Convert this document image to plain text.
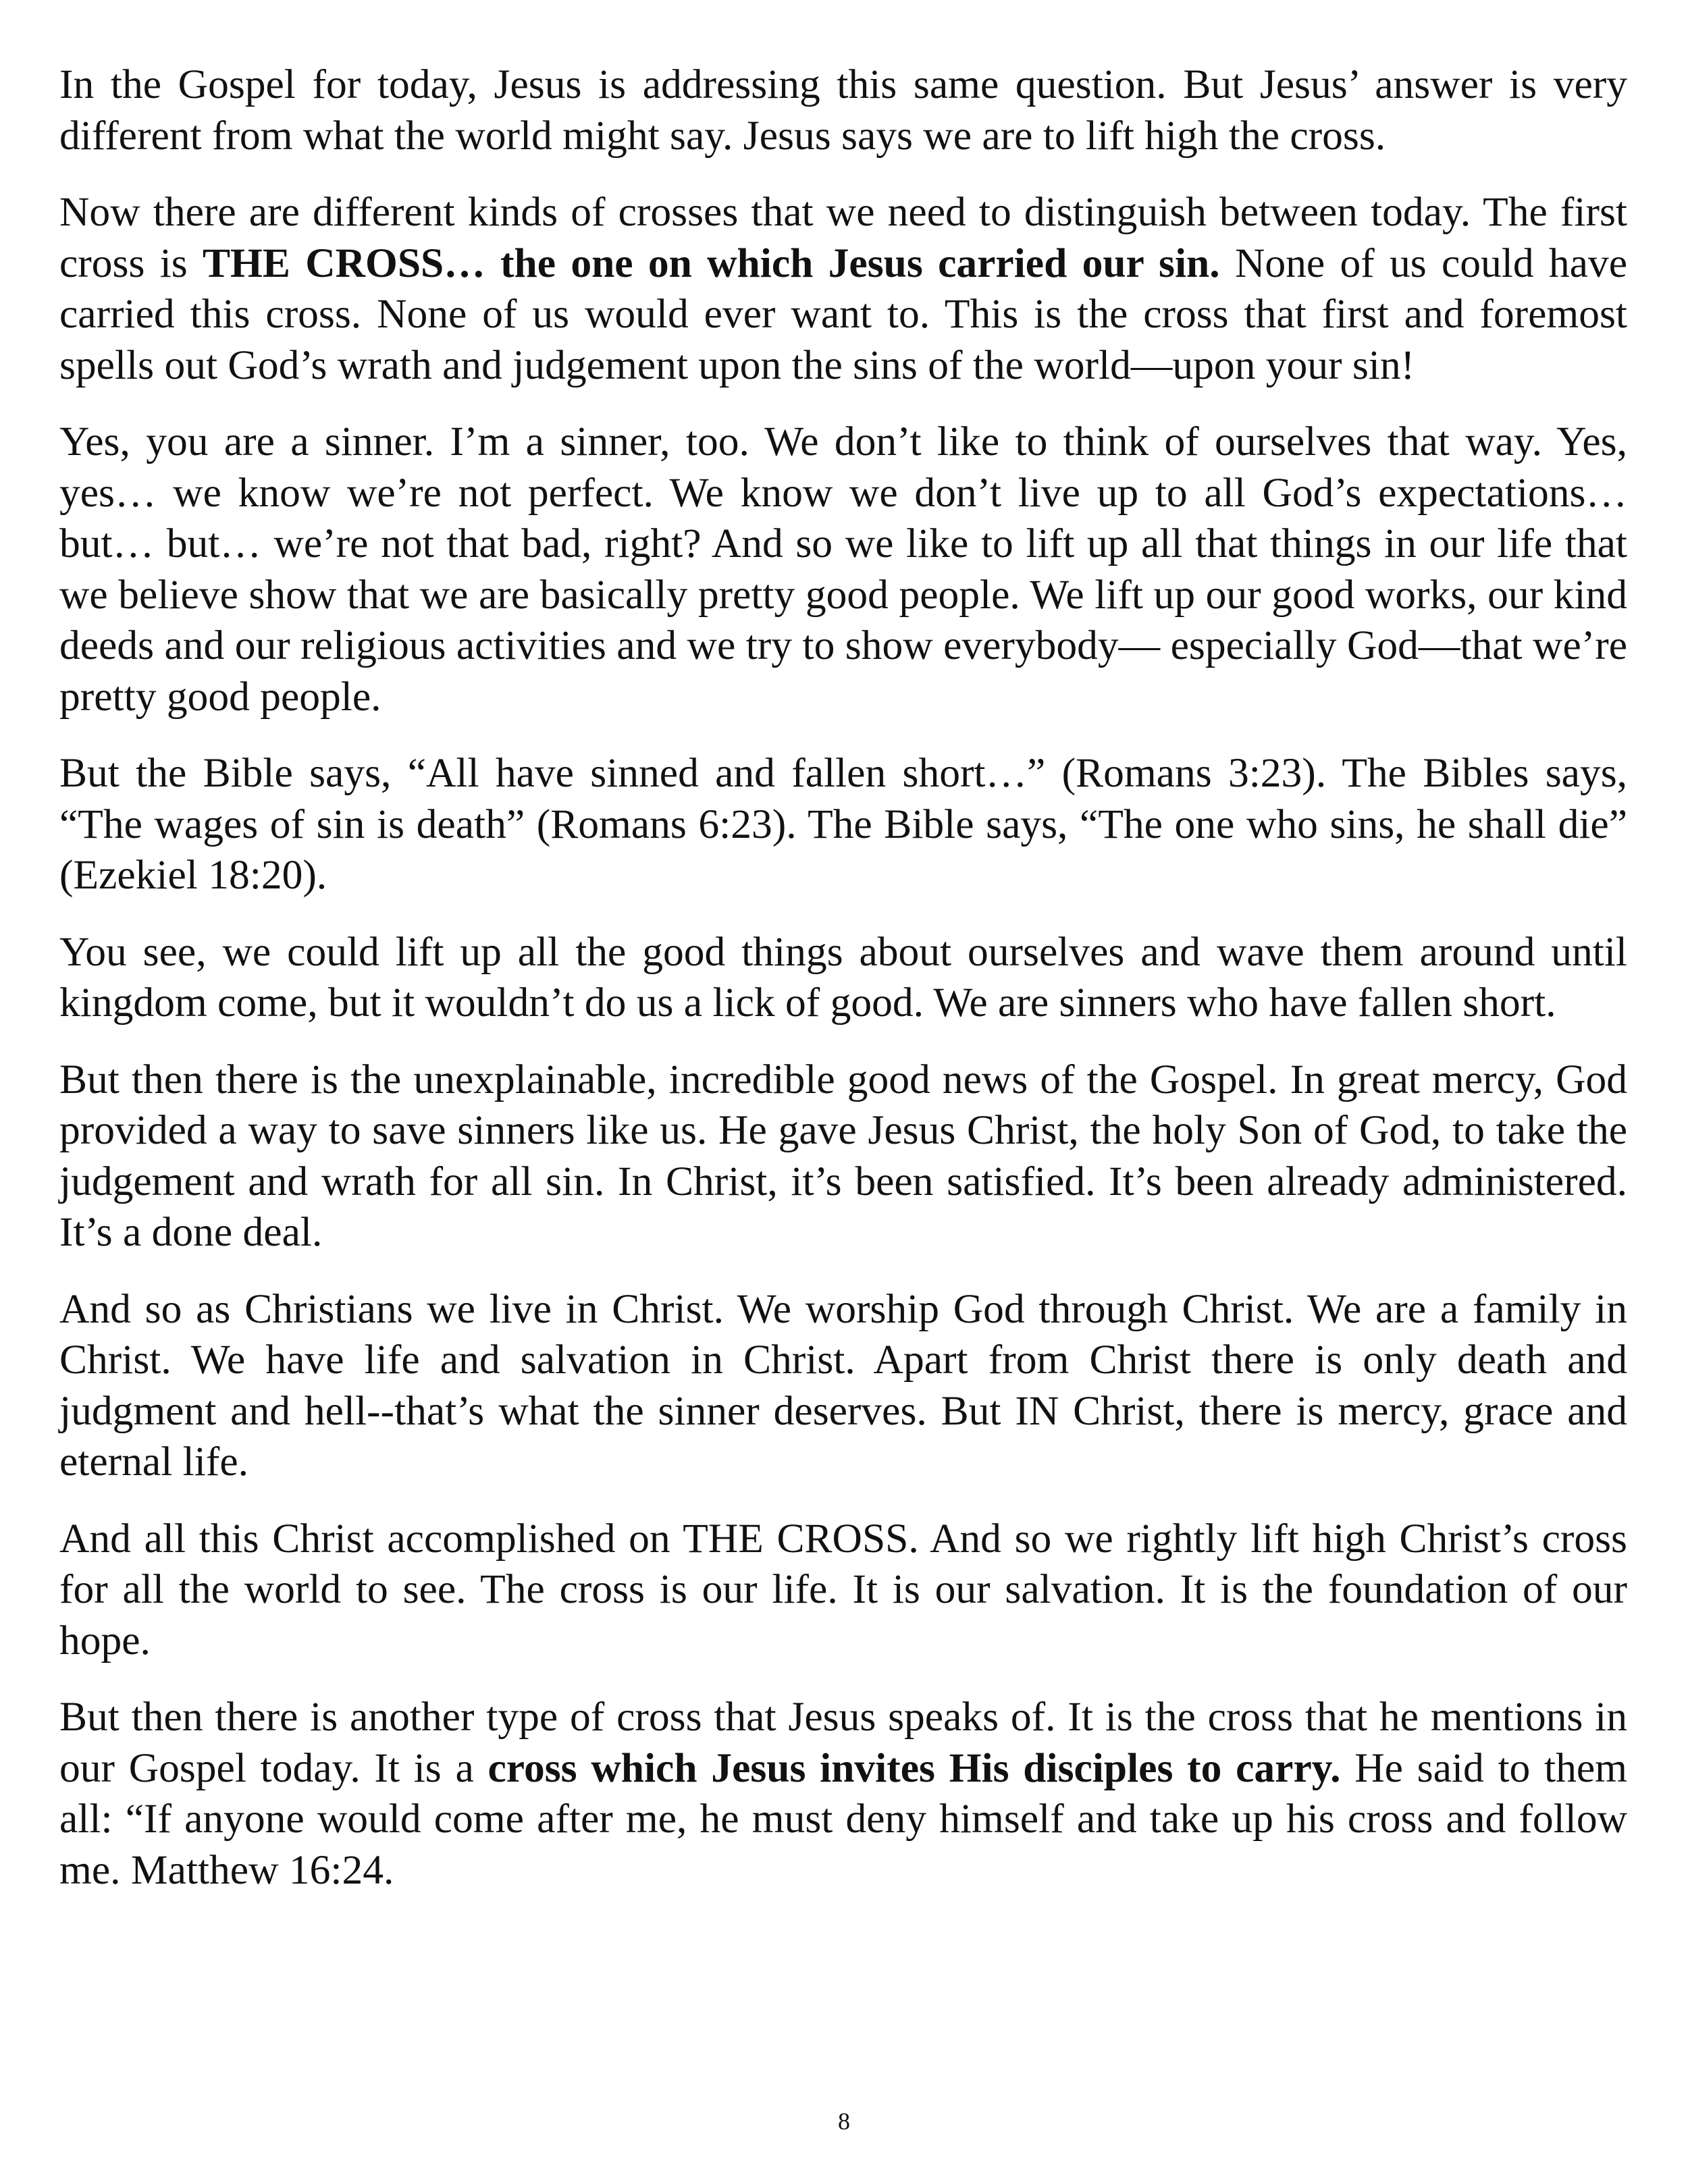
In the Gospel for today, Jesus is addressing this same question. But Jesus’ answer is very different from what the world might say. Jesus says we are to lift high the cross.

Now there are different kinds of crosses that we need to distinguish between today. The first cross is THE CROSS… the one on which Jesus carried our sin. None of us could have carried this cross. None of us would ever want to. This is the cross that first and foremost spells out God’s wrath and judgement upon the sins of the world—upon your sin!

Yes, you are a sinner. I’m a sinner, too. We don’t like to think of ourselves that way. Yes, yes… we know we’re not perfect. We know we don’t live up to all God’s expectations… but… but… we’re not that bad, right? And so we like to lift up all that things in our life that we believe show that we are basically pretty good people. We lift up our good works, our kind deeds and our religious activities and we try to show everybody— especially God—that we’re pretty good people.

But the Bible says, “All have sinned and fallen short…” (Romans 3:23). The Bibles says, “The wages of sin is death” (Romans 6:23). The Bible says, “The one who sins, he shall die” (Ezekiel 18:20).

You see, we could lift up all the good things about ourselves and wave them around until kingdom come, but it wouldn’t do us a lick of good. We are sinners who have fallen short.

But then there is the unexplainable, incredible good news of the Gospel. In great mercy, God provided a way to save sinners like us. He gave Jesus Christ, the holy Son of God, to take the judgement and wrath for all sin. In Christ, it’s been satisfied. It’s been already administered. It’s a done deal.

And so as Christians we live in Christ. We worship God through Christ. We are a family in Christ. We have life and salvation in Christ. Apart from Christ there is only death and judgment and hell--that’s what the sinner deserves. But IN Christ, there is mercy, grace and eternal life.

And all this Christ accomplished on THE CROSS. And so we rightly lift high Christ’s cross for all the world to see. The cross is our life. It is our salvation. It is the foundation of our hope.

But then there is another type of cross that Jesus speaks of. It is the cross that he mentions in our Gospel today. It is a cross which Jesus invites His disciples to carry. He said to them all: “If anyone would come after me, he must deny himself and take up his cross and follow me. Matthew 16:24.

8
